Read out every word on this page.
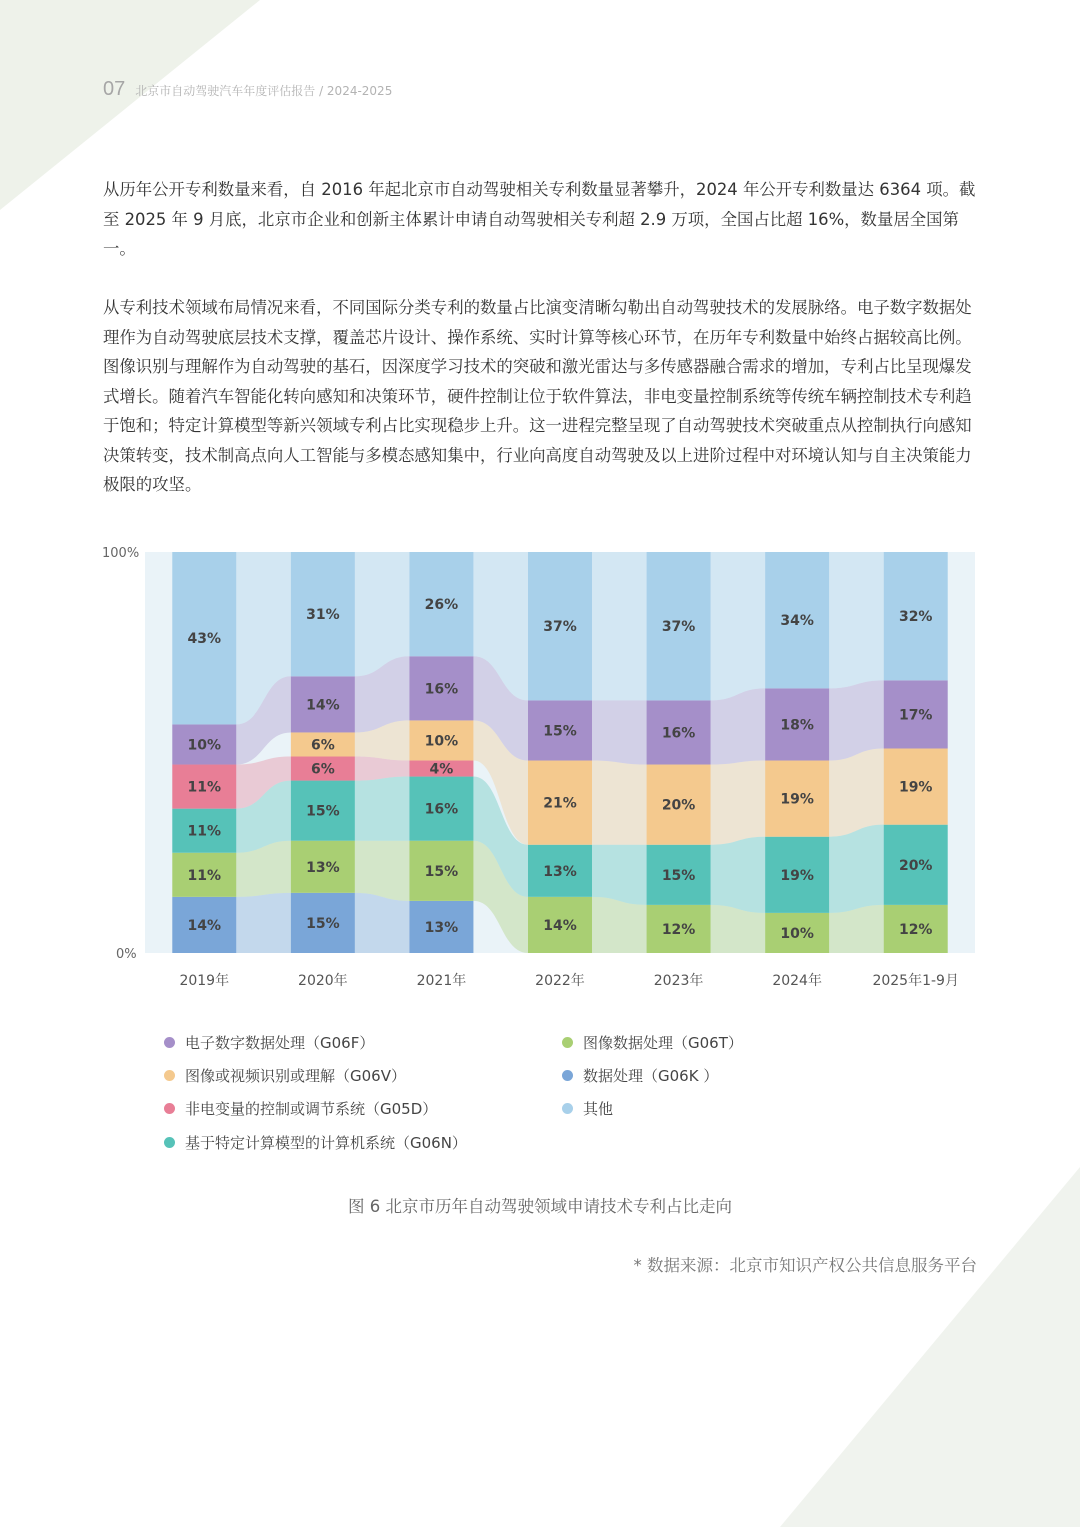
07 北京市自动驾驶汽车年度评估报告 / 2024-2025

从历年公开专利数量来看，自 2016 年起北京市自动驾驶相关专利数量显著攀升，2024 年公开专利数量达 6364 项。截至 2025 年 9 月底，北京市企业和创新主体累计申请自动驾驶相关专利超 2.9 万项，全国占比超 16%，数量居全国第一。

从专利技术领域布局情况来看，不同国际分类专利的数量占比演变清晰勾勒出自动驾驶技术的发展脉络。电子数字数据处理作为自动驾驶底层技术支撑，覆盖芯片设计、操作系统、实时计算等核心环节，在历年专利数量中始终占据较高比例。图像识别与理解作为自动驾驶的基石，因深度学习技术的突破和激光雷达与多传感器融合需求的增加，专利占比呈现爆发式增长。随着汽车智能化转向感知和决策环节，硬件控制让位于软件算法，非电变量控制系统等传统车辆控制技术专利趋于饱和；特定计算模型等新兴领域专利占比实现稳步上升。这一进程完整呈现了自动驾驶技术突破重点从控制执行向感知决策转变，技术制高点向人工智能与多模态感知集中，行业向高度自动驾驶及以上进阶过程中对环境认知与自主决策能力极限的攻坚。

14%
11%
11%
11%
10%
43%
2019年
15%
13%
15%
6%
6%
14%
31%
2020年
13%
15%
16%
4%
10%
16%
26%
2021年
14%
13%
21%
15%
37%
2022年
12%
15%
20%
16%
37%
2023年
10%
19%
19%
18%
34%
2024年
12%
20%
19%
17%
32%
2025年1-9月
100%
0%
电子数字数据处理（G06F）	图像数据处理（G06T）
图像或视频识别或理解（G06V）	数据处理（G06K ）
非电变量的控制或调节系统（G05D）	其他
基于特定计算模型的计算机系统（G06N）
图 6 北京市历年自动驾驶领域申请技术专利占比走向
* 数据来源：北京市知识产权公共信息服务平台
